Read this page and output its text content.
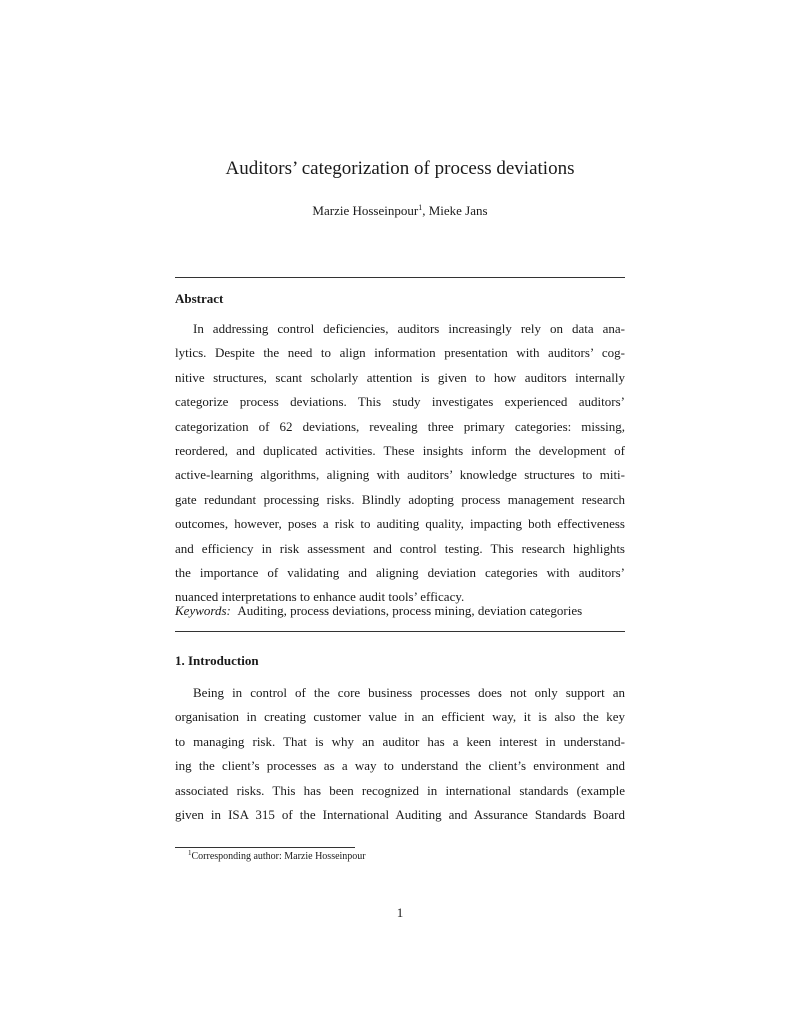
Auditors’ categorization of process deviations
Marzie Hosseinpour$^1$, Mieke Jans
Abstract
In addressing control deficiencies, auditors increasingly rely on data ana-
lytics. Despite the need to align information presentation with auditors’ cog-
nitive structures, scant scholarly attention is given to how auditors internally
categorize process deviations. This study investigates experienced auditors’
categorization of 62 deviations, revealing three primary categories: missing,
reordered, and duplicated activities. These insights inform the development of
active-learning algorithms, aligning with auditors’ knowledge structures to miti-
gate redundant processing risks. Blindly adopting process management research
outcomes, however, poses a risk to auditing quality, impacting both effectiveness
and efficiency in risk assessment and control testing. This research highlights
the importance of validating and aligning deviation categories with auditors’
nuanced interpretations to enhance audit tools’ efficacy.
Keywords: Auditing, process deviations, process mining, deviation categories
1. Introduction
Being in control of the core business processes does not only support an
organisation in creating customer value in an efficient way, it is also the key
to managing risk. That is why an auditor has a keen interest in understand-
ing the client’s processes as a way to understand the client’s environment and
associated risks. This has been recognized in international standards (example
given in ISA 315 of the International Auditing and Assurance Standards Board
$^1$Corresponding author: Marzie Hosseinpour
1
